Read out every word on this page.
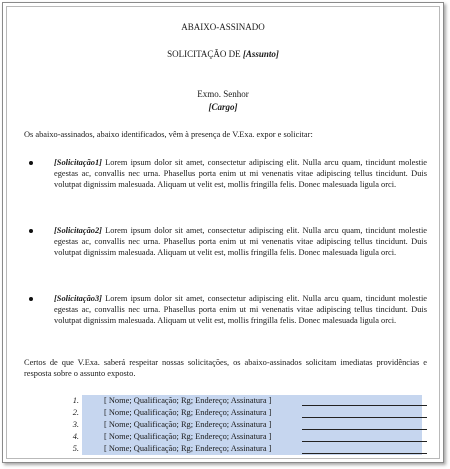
ABAIXO-ASSINADO
SOLICITAÇÃO DE [Assunto]
Exmo. Senhor
[Cargo]
Os abaixo-assinados, abaixo identificados, vêm à presença de V.Exa. expor e solicitar:
[Solicitação1] Lorem ipsum dolor sit amet, consectetur adipiscing elit. Nulla arcu quam, tincidunt molestie egestas ac, convallis nec urna. Phasellus porta enim ut mi venenatis vitae adipiscing tellus tincidunt. Duis volutpat dignissim malesuada. Aliquam ut velit est, mollis fringilla felis. Donec malesuada ligula orci.
[Solicitação2] Lorem ipsum dolor sit amet, consectetur adipiscing elit. Nulla arcu quam, tincidunt molestie egestas ac, convallis nec urna. Phasellus porta enim ut mi venenatis vitae adipiscing tellus tincidunt. Duis volutpat dignissim malesuada. Aliquam ut velit est, mollis fringilla felis. Donec malesuada ligula orci.
[Solicitação3] Lorem ipsum dolor sit amet, consectetur adipiscing elit. Nulla arcu quam, tincidunt molestie egestas ac, convallis nec urna. Phasellus porta enim ut mi venenatis vitae adipiscing tellus tincidunt. Duis volutpat dignissim malesuada. Aliquam ut velit est, mollis fringilla felis. Donec malesuada ligula orci.
Certos de que V.Exa. saberá respeitar nossas solicitações, os abaixo-assinados solicitam imediatas providências e resposta sobre o assunto exposto.
1.	[ Nome; Qualificação; Rg; Endereço; Assinatura ]
2.	[ Nome; Qualificação; Rg; Endereço; Assinatura ]
3.	[ Nome; Qualificação; Rg; Endereço; Assinatura ]
4.	[ Nome; Qualificação; Rg; Endereço; Assinatura ]
5.	[ Nome; Qualificação; Rg; Endereço; Assinatura ]
